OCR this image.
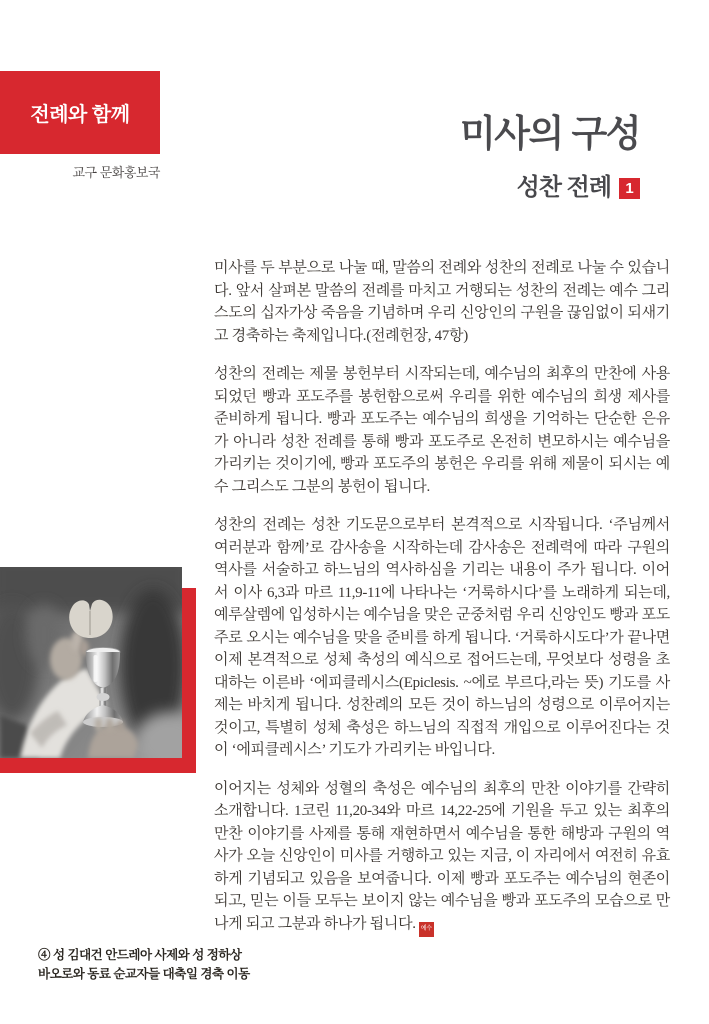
전례와 함께
교구 문화홍보국
미사의 구성
성찬 전례 1

미사를 두 부분으로 나눌 때, 말씀의 전례와 성찬의 전례로 나눌 수 있습니다. 앞서 살펴본 말씀의 전례를 마치고 거행되는 성찬의 전례는 예수 그리스도의 십자가상 죽음을 기념하며 우리 신앙인의 구원을 끊임없이 되새기고 경축하는 축제입니다.(전례헌장, 47항)

성찬의 전례는 제물 봉헌부터 시작되는데, 예수님의 최후의 만찬에 사용되었던 빵과 포도주를 봉헌함으로써 우리를 위한 예수님의 희생 제사를 준비하게 됩니다. 빵과 포도주는 예수님의 희생을 기억하는 단순한 은유가 아니라 성찬 전례를 통해 빵과 포도주로 온전히 변모하시는 예수님을 가리키는 것이기에, 빵과 포도주의 봉헌은 우리를 위해 제물이 되시는 예수 그리스도 그분의 봉헌이 됩니다.

성찬의 전례는 성찬 기도문으로부터 본격적으로 시작됩니다. ‘주님께서 여러분과 함께’로 감사송을 시작하는데 감사송은 전례력에 따라 구원의 역사를 서술하고 하느님의 역사하심을 기리는 내용이 주가 됩니다. 이어서 이사 6,3과 마르 11,9-11에 나타나는 ‘거룩하시다’를 노래하게 되는데, 예루살렘에 입성하시는 예수님을 맞은 군중처럼 우리 신앙인도 빵과 포도주로 오시는 예수님을 맞을 준비를 하게 됩니다. ‘거룩하시도다’가 끝나면 이제 본격적으로 성체 축성의 예식으로 접어드는데, 무엇보다 성령을 초대하는 이른바 ‘에피클레시스(Epiclesis. ~에로 부르다,라는 뜻) 기도를 사제는 바치게 됩니다. 성찬례의 모든 것이 하느님의 성령으로 이루어지는 것이고, 특별히 성체 축성은 하느님의 직접적 개입으로 이루어진다는 것이 ‘에피클레시스’ 기도가 가리키는 바입니다.

이어지는 성체와 성혈의 축성은 예수님의 최후의 만찬 이야기를 간략히 소개합니다. 1코린 11,20-34와 마르 14,22-25에 기원을 두고 있는 최후의 만찬 이야기를 사제를 통해 재현하면서 예수님을 통한 해방과 구원의 역사가 오늘 신앙인이 미사를 거행하고 있는 지금, 이 자리에서 여전히 유효하게 기념되고 있음을 보여줍니다. 이제 빵과 포도주는 예수님의 현존이 되고, 믿는 이들 모두는 보이지 않는 예수님을 빵과 포도주의 모습으로 만나게 되고 그분과 하나가 됩니다. 예수

④ 성 김대건 안드레아 사제와 성 정하상
바오로와 동료 순교자들 대축일 경축 이동
